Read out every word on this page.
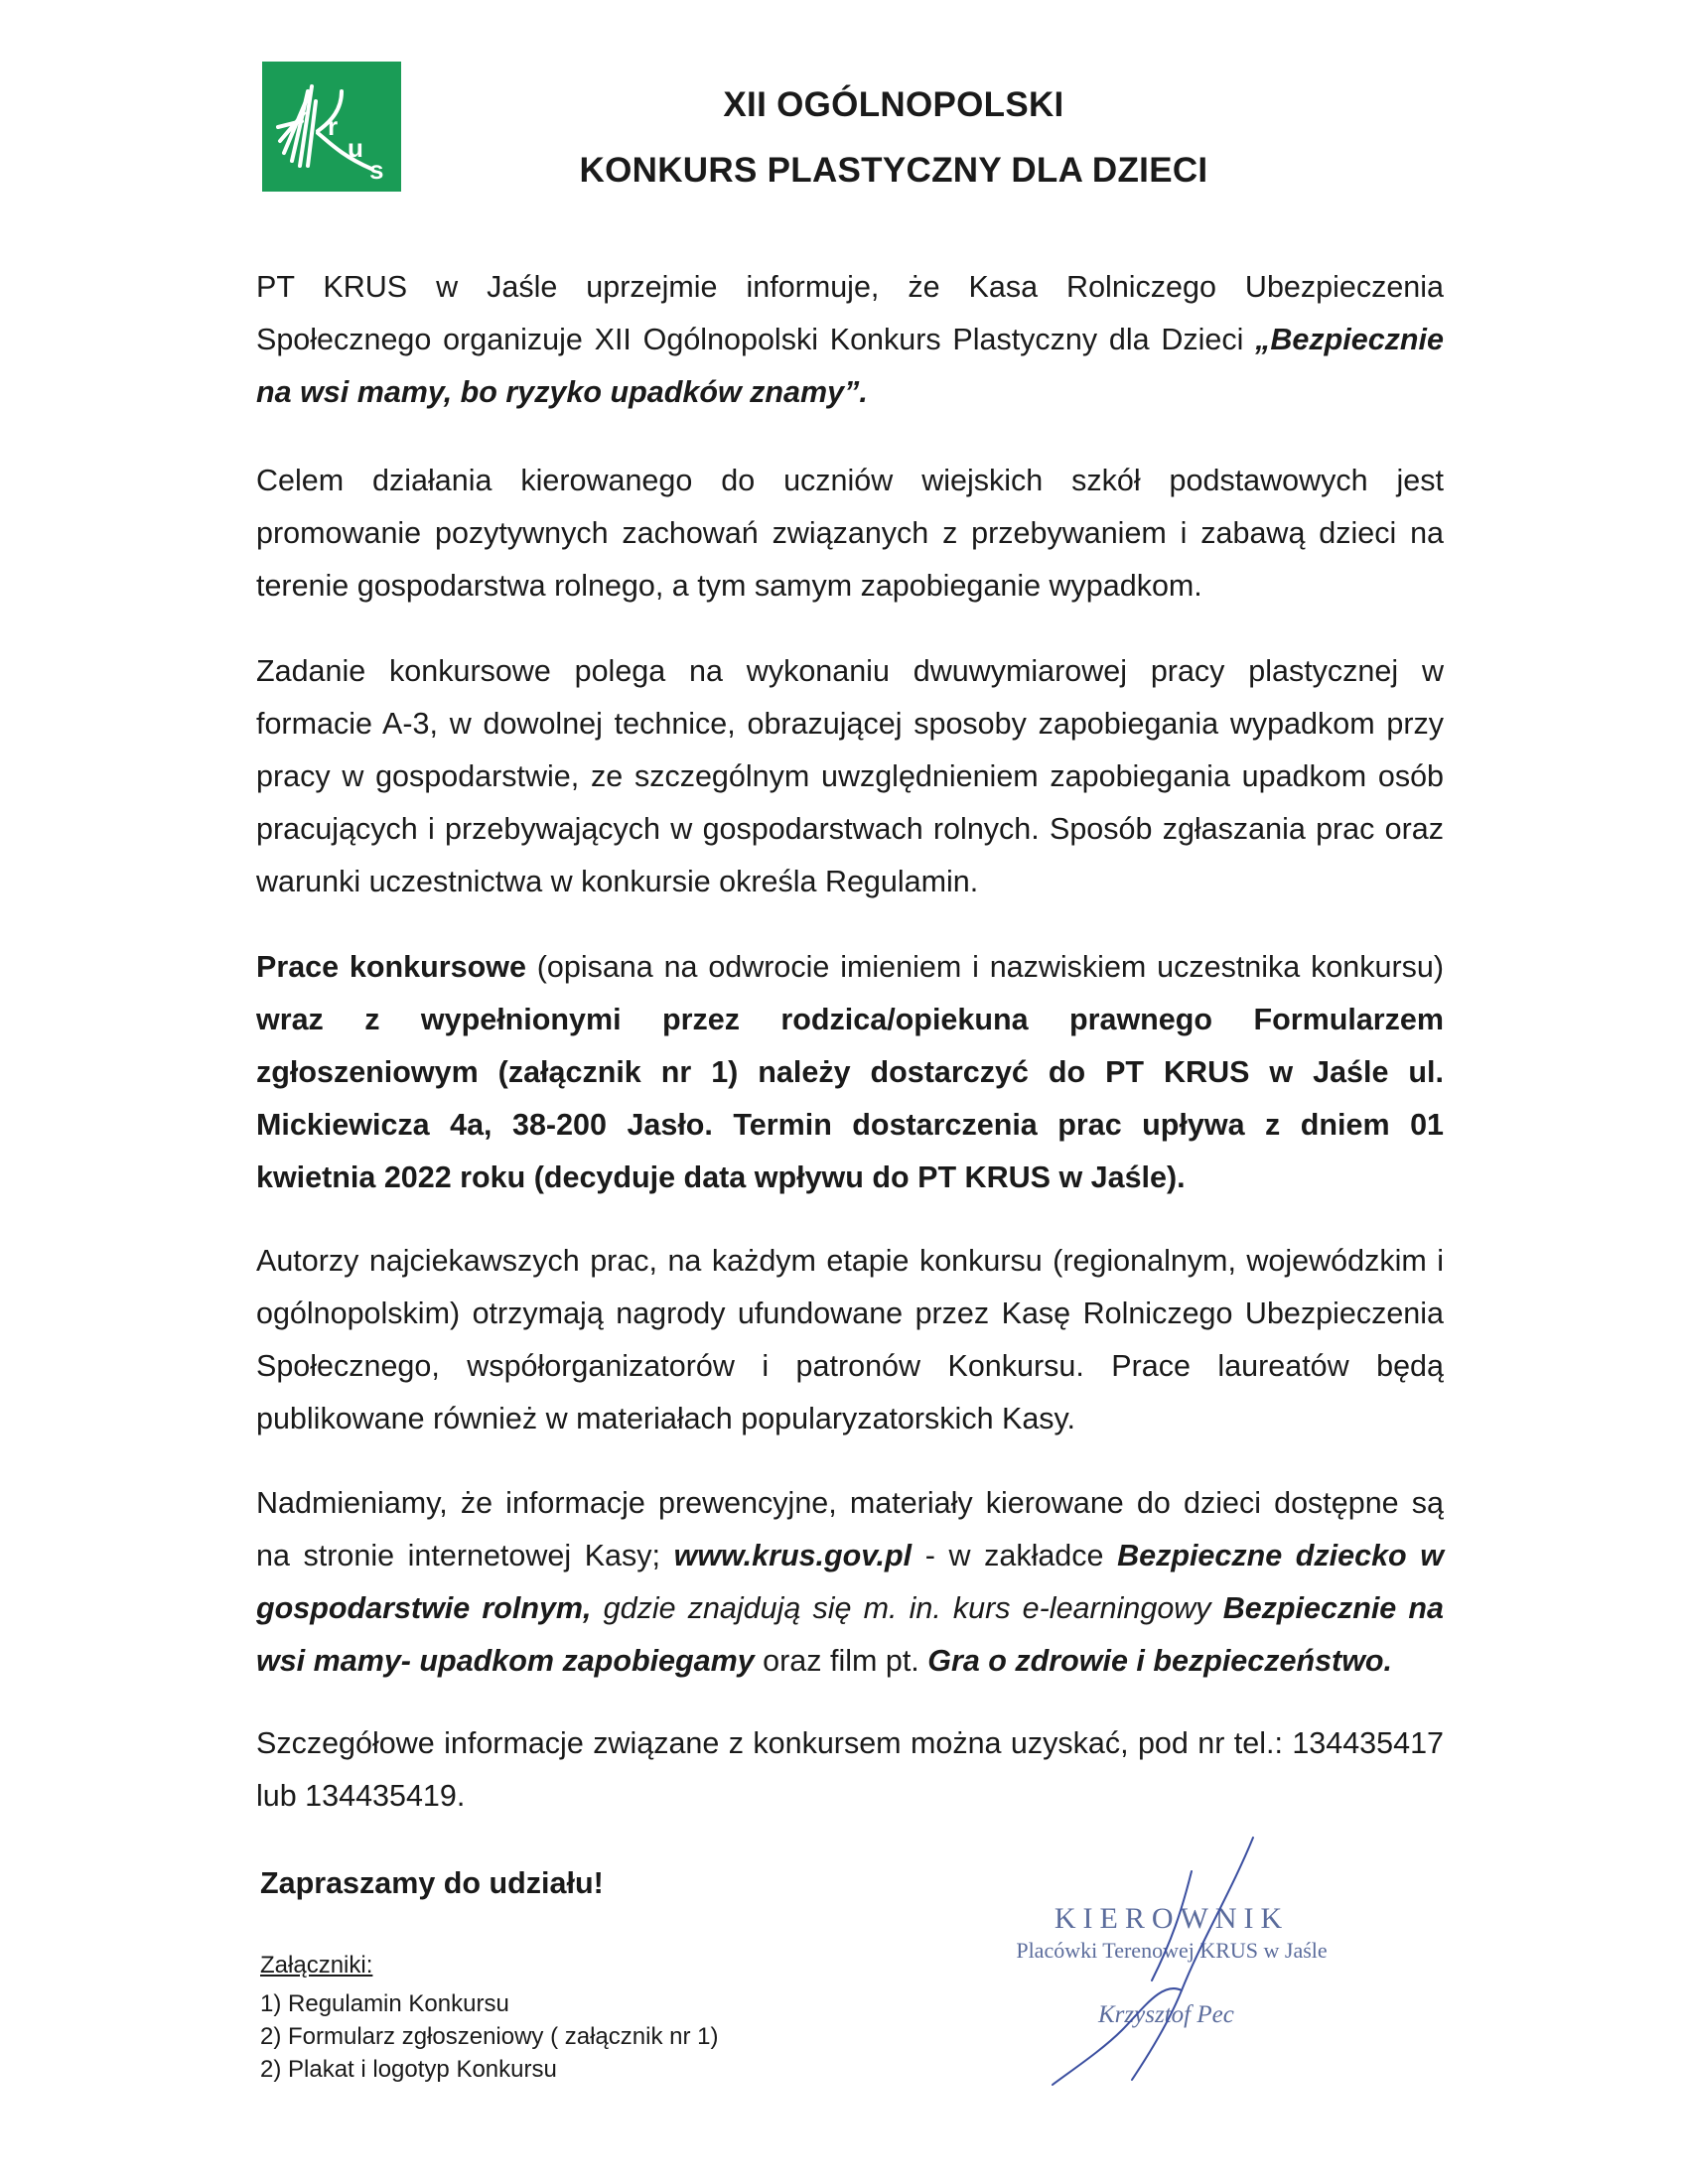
r
u
s
XII OGÓLNOPOLSKI
KONKURS PLASTYCZNY DLA DZIECI
PT KRUS w Jaśle uprzejmie informuje, że Kasa Rolniczego Ubezpieczenia Społecznego organizuje XII Ogólnopolski Konkurs Plastyczny dla Dzieci „Bezpiecznie na wsi mamy, bo ryzyko upadków znamy”.
Celem działania kierowanego do uczniów wiejskich szkół podstawowych jest promowanie pozytywnych zachowań związanych z przebywaniem i zabawą dzieci na terenie gospodarstwa rolnego, a tym samym zapobieganie wypadkom.
Zadanie konkursowe polega na wykonaniu dwuwymiarowej pracy plastycznej w formacie A-3, w dowolnej technice, obrazującej sposoby zapobiegania wypadkom przy pracy w gospodarstwie, ze szczególnym uwzględnieniem zapobiegania upadkom osób pracujących i przebywających w gospodarstwach rolnych. Sposób zgłaszania prac oraz warunki uczestnictwa w konkursie określa Regulamin.
Prace konkursowe (opisana na odwrocie imieniem i nazwiskiem uczestnika konkursu) wraz z wypełnionymi przez rodzica/opiekuna prawnego Formularzem zgłoszeniowym (załącznik nr 1) należy dostarczyć do PT KRUS w Jaśle ul. Mickiewicza 4a, 38-200 Jasło. Termin dostarczenia prac upływa z dniem 01 kwietnia 2022 roku (decyduje data wpływu do PT KRUS w Jaśle).
Autorzy najciekawszych prac, na każdym etapie konkursu (regionalnym, wojewódzkim i ogólnopolskim) otrzymają nagrody ufundowane przez Kasę Rolniczego Ubezpieczenia Społecznego, współorganizatorów i patronów Konkursu. Prace laureatów będą publikowane również w materiałach popularyzatorskich Kasy.
Nadmieniamy, że informacje prewencyjne, materiały kierowane do dzieci dostępne są na stronie internetowej Kasy; www.krus.gov.pl - w zakładce Bezpieczne dziecko w gospodarstwie rolnym, gdzie znajdują się m. in. kurs e-learningowy Bezpiecznie na wsi mamy- upadkom zapobiegamy oraz film pt. Gra o zdrowie i bezpieczeństwo.
Szczegółowe informacje związane z konkursem można uzyskać, pod nr tel.: 134435417 lub 134435419.
Zapraszamy do udziału!
Załączniki:
1) Regulamin Konkursu
2) Formularz zgłoszeniowy ( załącznik nr 1)
2) Plakat i logotyp Konkursu
KIEROWNIK
Placówki Terenowej KRUS w Jaśle
Krzysztof Pec
